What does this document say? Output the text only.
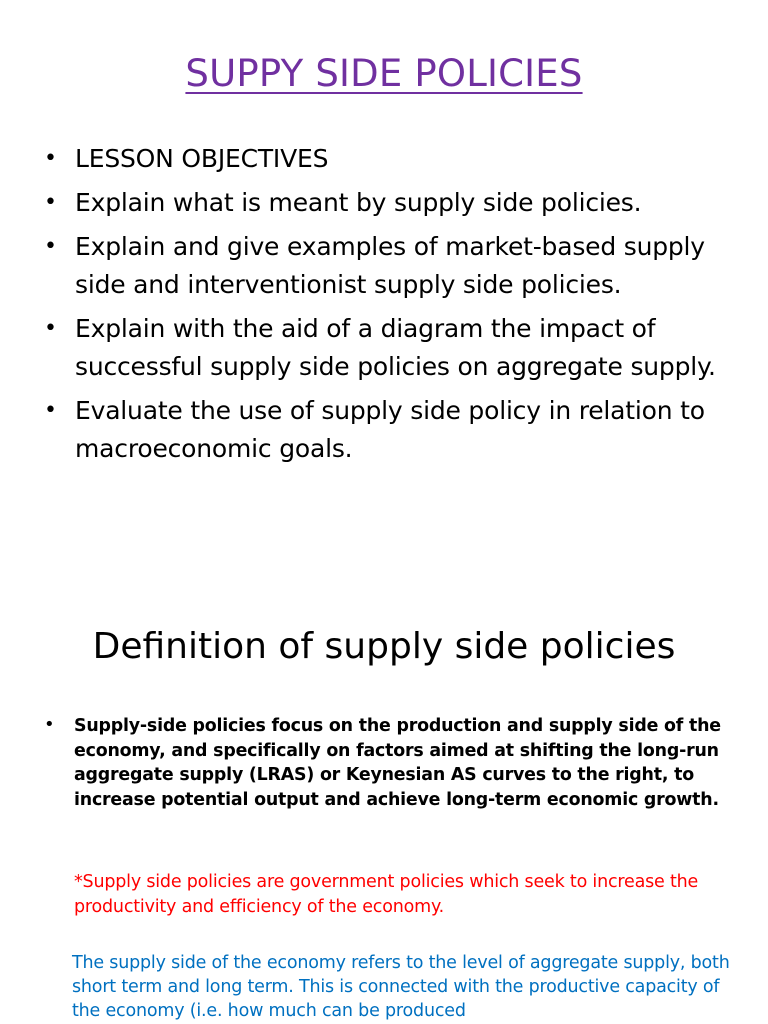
SUPPY SIDE POLICIES
• LESSON OBJECTIVES
• Explain what is meant by supply side policies.
• Explain and give examples of market-based supply side and interventionist supply side policies.
• Explain with the aid of a diagram the impact of successful supply side policies on aggregate supply.
• Evaluate the use of supply side policy in relation to macroeconomic goals.
Definition of supply side policies
• Supply-side policies focus on the production and supply side of the economy, and specifically on factors aimed at shifting the long-run aggregate supply (LRAS) or Keynesian AS curves to the right, to increase potential output and achieve long-term economic growth.
*Supply side policies are government policies which seek to increase the productivity and efficiency of the economy.
The supply side of the economy refers to the level of aggregate supply, both short term and long term. This is connected with the productive capacity of the economy (i.e. how much can be produced
